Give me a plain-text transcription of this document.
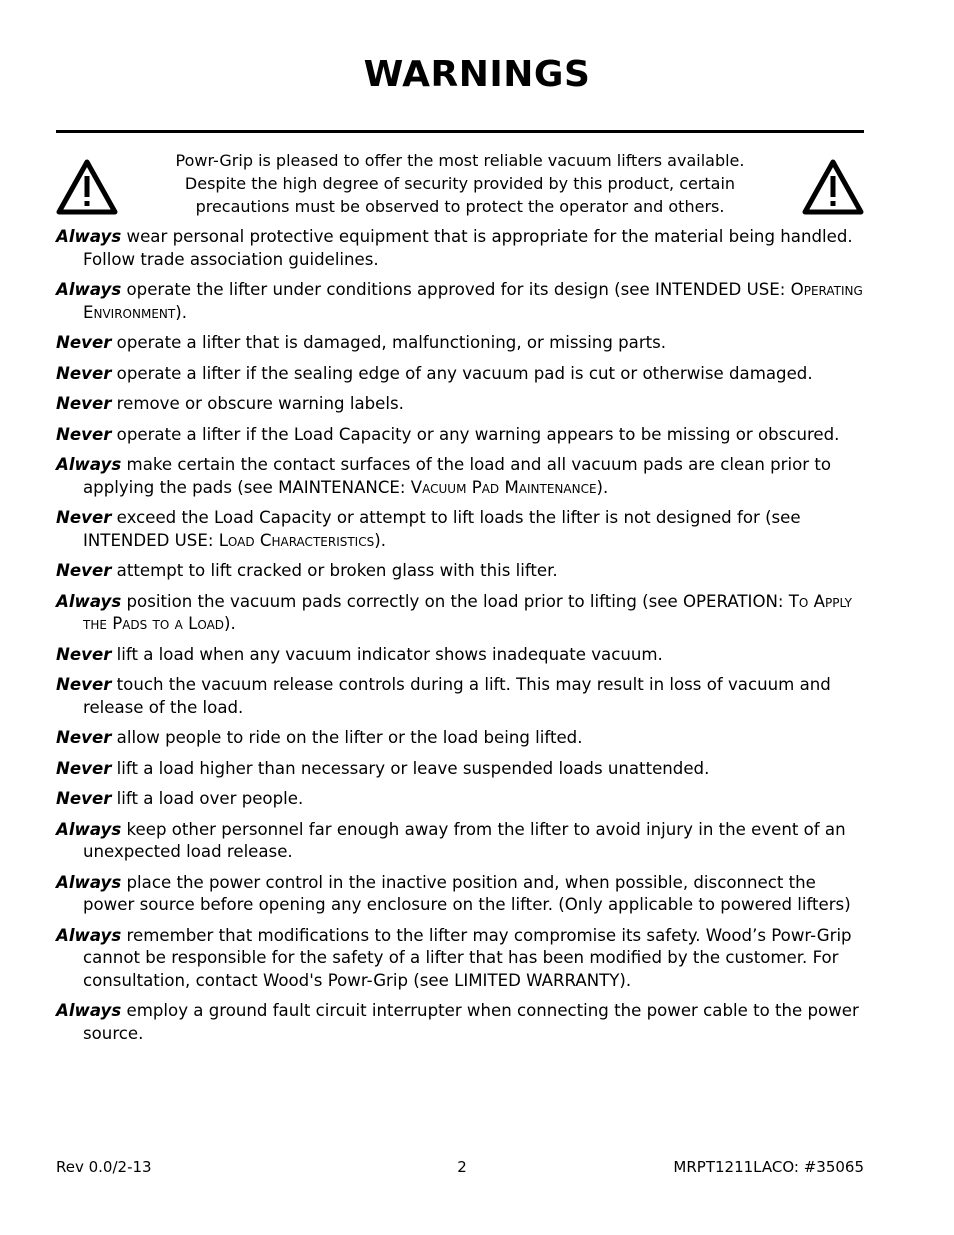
WARNINGS
Powr-Grip is pleased to offer the most reliable vacuum lifters available.
Despite the high degree of security provided by this product, certain
precautions must be observed to protect the operator and others.
Always wear personal protective equipment that is appropriate for the material being handled. Follow trade association guidelines.
Always operate the lifter under conditions approved for its design (see INTENDED USE: Operating Environment).
Never operate a lifter that is damaged, malfunctioning, or missing parts.
Never operate a lifter if the sealing edge of any vacuum pad is cut or otherwise damaged.
Never remove or obscure warning labels.
Never operate a lifter if the Load Capacity or any warning appears to be missing or obscured.
Always make certain the contact surfaces of the load and all vacuum pads are clean prior to applying the pads (see MAINTENANCE: Vacuum Pad Maintenance).
Never exceed the Load Capacity or attempt to lift loads the lifter is not designed for (see INTENDED USE: Load Characteristics).
Never attempt to lift cracked or broken glass with this lifter.
Always position the vacuum pads correctly on the load prior to lifting (see OPERATION: To Apply the Pads to a Load).
Never lift a load when any vacuum indicator shows inadequate vacuum.
Never touch the vacuum release controls during a lift. This may result in loss of vacuum and release of the load.
Never allow people to ride on the lifter or the load being lifted.
Never lift a load higher than necessary or leave suspended loads unattended.
Never lift a load over people.
Always keep other personnel far enough away from the lifter to avoid injury in the event of an unexpected load release.
Always place the power control in the inactive position and, when possible, disconnect the power source before opening any enclosure on the lifter. (Only applicable to powered lifters)
Always remember that modifications to the lifter may compromise its safety. Wood’s Powr-Grip cannot be responsible for the safety of a lifter that has been modified by the customer. For consultation, contact Wood's Powr-Grip (see LIMITED WARRANTY).
Always employ a ground fault circuit interrupter when connecting the power cable to the power source.
Rev 0.0/2-13	2	MRPT1211LACO: #35065
